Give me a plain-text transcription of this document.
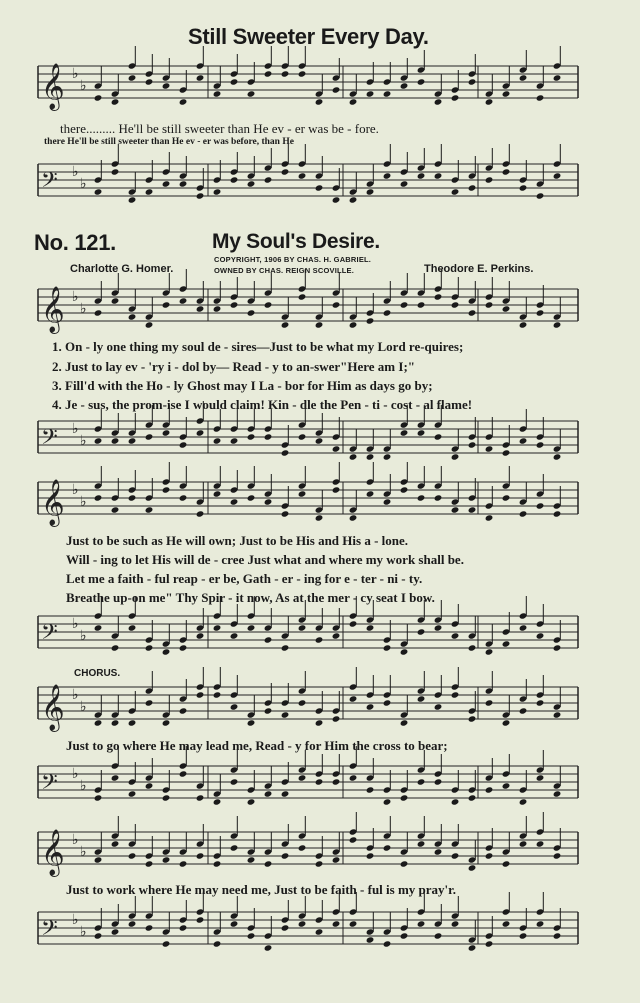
Still Sweeter Every Day.
𝄞 ♭
♭
there......... He'll be still sweeter than He ev - er was be - fore.
there He'll be still sweeter than He ev - er was before, than He
𝄢 ♭
♭
No. 121.	My Soul's Desire.
COPYRIGHT, 1906 BY CHAS. H. GABRIEL.
OWNED BY CHAS. REIGN SCOVILLE.
Charlotte G. Homer.	Theodore E. Perkins.
𝄞 ♭
♭
1. On - ly one thing my soul de - sires—Just to be what my Lord re-quires;
2. Just to lay ev - 'ry i - dol by— Read - y to an-swer"Here am I;"
3. Fill'd with the Ho - ly Ghost may I La - bor for Him as days go by;
4. Je - sus, the prom-ise I would claim! Kin - dle the Pen - ti - cost - al flame!
𝄢 ♭
♭
𝄞 ♭
♭
Just to be such as He will own; Just to be His and His a - lone.
Will - ing to let His will de - cree Just what and where my work shall be.
Let me a faith - ful reap - er be, Gath - er - ing for e - ter - ni - ty.
Breathe up-on me" Thy Spir - it now, As at the mer - cy seat I bow.
𝄢 ♭
♭
CHORUS.
𝄞 ♭
♭
Just to go where He may lead me, Read - y for Him the cross to bear;
𝄢 ♭
♭
𝄞 ♭
♭
Just to work where He may need me, Just to be faith - ful is my pray'r.
𝄢 ♭
♭
